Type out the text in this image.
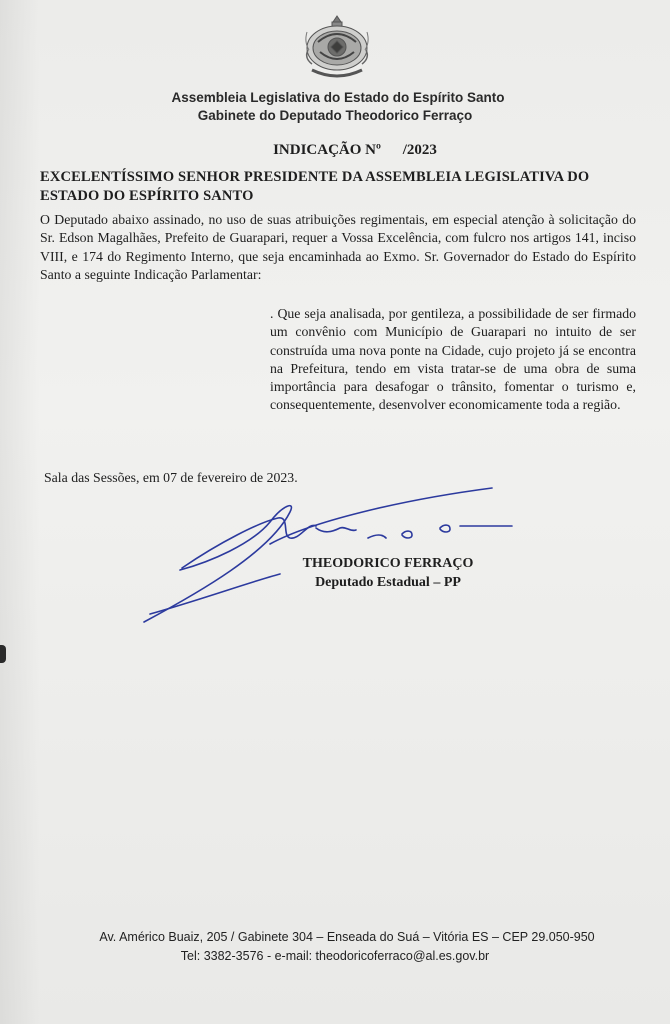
Assembleia Legislativa do Estado do Espírito Santo
Gabinete do Deputado Theodorico Ferraço
INDICAÇÃO Nº /2023
EXCELENTÍSSIMO SENHOR PRESIDENTE DA ASSEMBLEIA LEGISLATIVA DO
ESTADO DO ESPÍRITO SANTO
O Deputado abaixo assinado, no uso de suas atribuições regimentais, em especial atenção à solicitação do Sr. Edson Magalhães, Prefeito de Guarapari, requer a Vossa Excelência, com fulcro nos artigos 141, inciso VIII, e 174 do Regimento Interno, que seja encaminhada ao Exmo. Sr. Governador do Estado do Espírito Santo a seguinte Indicação Parlamentar:
. Que seja analisada, por gentileza, a possibilidade de ser firmado um convênio com Município de Guarapari no intuito de ser construída uma nova ponte na Cidade, cujo projeto já se encontra na Prefeitura, tendo em vista tratar-se de uma obra de suma importância para desafogar o trânsito, fomentar o turismo e, consequentemente, desenvolver economicamente toda a região.
Sala das Sessões, em 07 de fevereiro de 2023.
THEODORICO FERRAÇO
Deputado Estadual – PP
Av. Américo Buaiz, 205 / Gabinete 304 – Enseada do Suá – Vitória ES – CEP 29.050-950
Tel: 3382-3576 - e-mail: theodoricoferraco@al.es.gov.br
